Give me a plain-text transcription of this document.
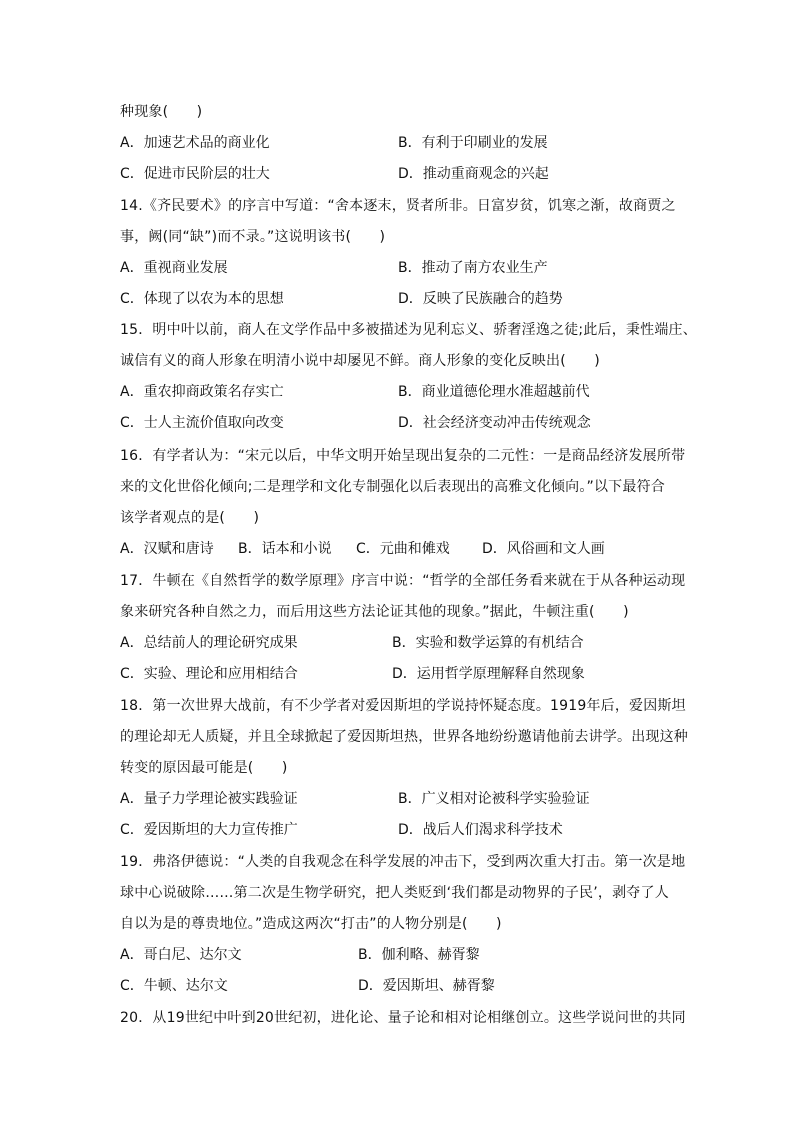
种现象(　　)
A．加速艺术品的商业化	B．有利于印刷业的发展
C．促进市民阶层的壮大	D．推动重商观念的兴起
14.《齐民要术》的序言中写道：“舍本逐末，贤者所非。日富岁贫，饥寒之渐，故商贾之
事，阙(同“缺”)而不录。”这说明该书(　　)
A．重视商业发展	B．推动了南方农业生产
C．体现了以农为本的思想	D．反映了民族融合的趋势
15．明中叶以前，商人在文学作品中多被描述为见利忘义、骄奢淫逸之徒;此后，秉性端庄、
诚信有义的商人形象在明清小说中却屡见不鲜。商人形象的变化反映出(　　)
A．重农抑商政策名存实亡	B．商业道德伦理水准超越前代
C．士人主流价值取向改变	D．社会经济变动冲击传统观念
16．有学者认为：“宋元以后，中华文明开始呈现出复杂的二元性：一是商品经济发展所带
来的文化世俗化倾向;二是理学和文化专制强化以后表现出的高雅文化倾向。”以下最符合
该学者观点的是(　　)
A．汉赋和唐诗 B．话本和小说 C．元曲和傩戏 D．风俗画和文人画
17．牛顿在《自然哲学的数学原理》序言中说：“哲学的全部任务看来就在于从各种运动现
象来研究各种自然之力，而后用这些方法论证其他的现象。”据此，牛顿注重(　　)
A．总结前人的理论研究成果	B．实验和数学运算的有机结合
C．实验、理论和应用相结合	D．运用哲学原理解释自然现象
18．第一次世界大战前，有不少学者对爱因斯坦的学说持怀疑态度。1919年后，爱因斯坦
的理论却无人质疑，并且全球掀起了爱因斯坦热，世界各地纷纷邀请他前去讲学。出现这种
转变的原因最可能是(　　)
A．量子力学理论被实践验证	B．广义相对论被科学实验验证
C．爱因斯坦的大力宣传推广	D．战后人们渴求科学技术
19．弗洛伊德说：“人类的自我观念在科学发展的冲击下，受到两次重大打击。第一次是地
球中心说破除……第二次是生物学研究，把人类贬到‘我们都是动物界的子民’，剥夺了人
自以为是的尊贵地位。”造成这两次“打击”的人物分别是(　　)
A．哥白尼、达尔文	B．伽利略、赫胥黎
C．牛顿、达尔文	D．爱因斯坦、赫胥黎
20．从19世纪中叶到20世纪初，进化论、量子论和相对论相继创立。这些学说问世的共同
